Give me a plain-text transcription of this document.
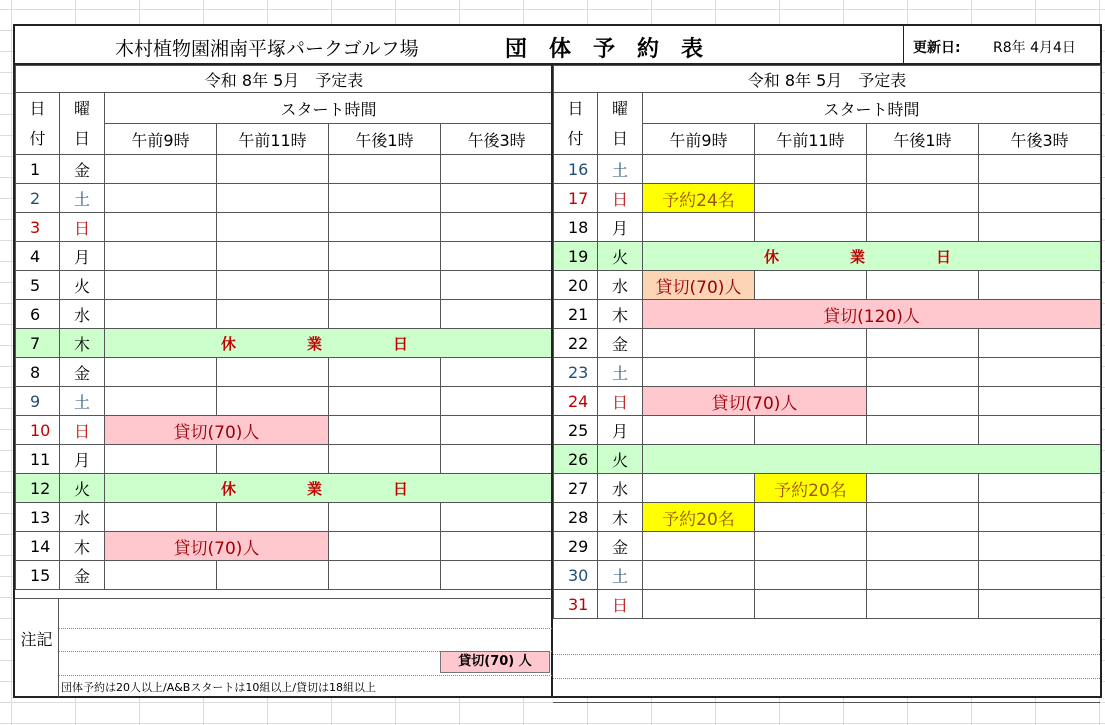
木村植物園湘南平塚パークゴルフ場	団体予約表	更新日: R8年 4月4日
令和 8年 5月　予定表					
日付	曜日	スタート時間			
		午前9時	午前11時	午後1時	午後3時
1	金				
2	土				
3	日				
4	月				
5	火				
6	水				
7	木	休　業　日			
8	金				
9	土				
10	日	貸切(70)人			
11	月				
12	火	休　業　日			
13	水				
14	木	貸切(70)人			
15	金				
令和 8年 5月　予定表					
日付	曜日	スタート時間			
		午前9時	午前11時	午後1時	午後3時
16	土				
17	日	予約24名			
18	月				
19	火	休　業　日			
20	水	貸切(70)人			
21	木	貸切(120)人			
22	金				
23	土				
24	日	貸切(70)人			
25	月				
26	火				
27	水		予約20名		
28	木	予約20名			
29	金				
30	土				
31	日				
注記
貸切(70) 人
団体予約は20人以上/A&Bスタートは10組以上/貸切は18組以上
